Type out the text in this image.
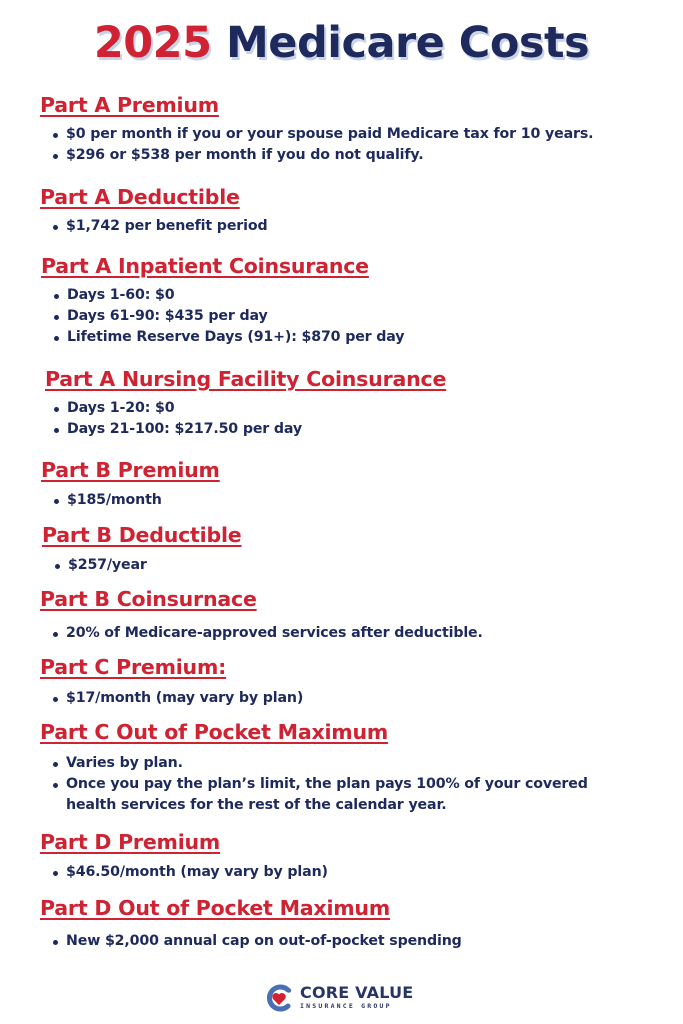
2025 Medicare Costs
Part A Premium
$0 per month if you or your spouse paid Medicare tax for 10 years.
$296 or $538 per month if you do not qualify.
Part A Deductible
$1,742 per benefit period
Part A Inpatient Coinsurance
Days 1-60: $0
Days 61-90: $435 per day
Lifetime Reserve Days (91+): $870 per day
Part A Nursing Facility Coinsurance
Days 1-20: $0
Days 21-100: $217.50 per day
Part B Premium
$185/month
Part B Deductible
$257/year
Part B Coinsurnace
20% of Medicare-approved services after deductible.
Part C Premium:
$17/month (may vary by plan)
Part C Out of Pocket Maximum
Varies by plan.
Once you pay the plan’s limit, the plan pays 100% of your covered health services for the rest of the calendar year.
Part D Premium
$46.50/month (may vary by plan)
Part D Out of Pocket Maximum
New $2,000 annual cap on out-of-pocket spending
CORE VALUE
INSURANCE GROUP
